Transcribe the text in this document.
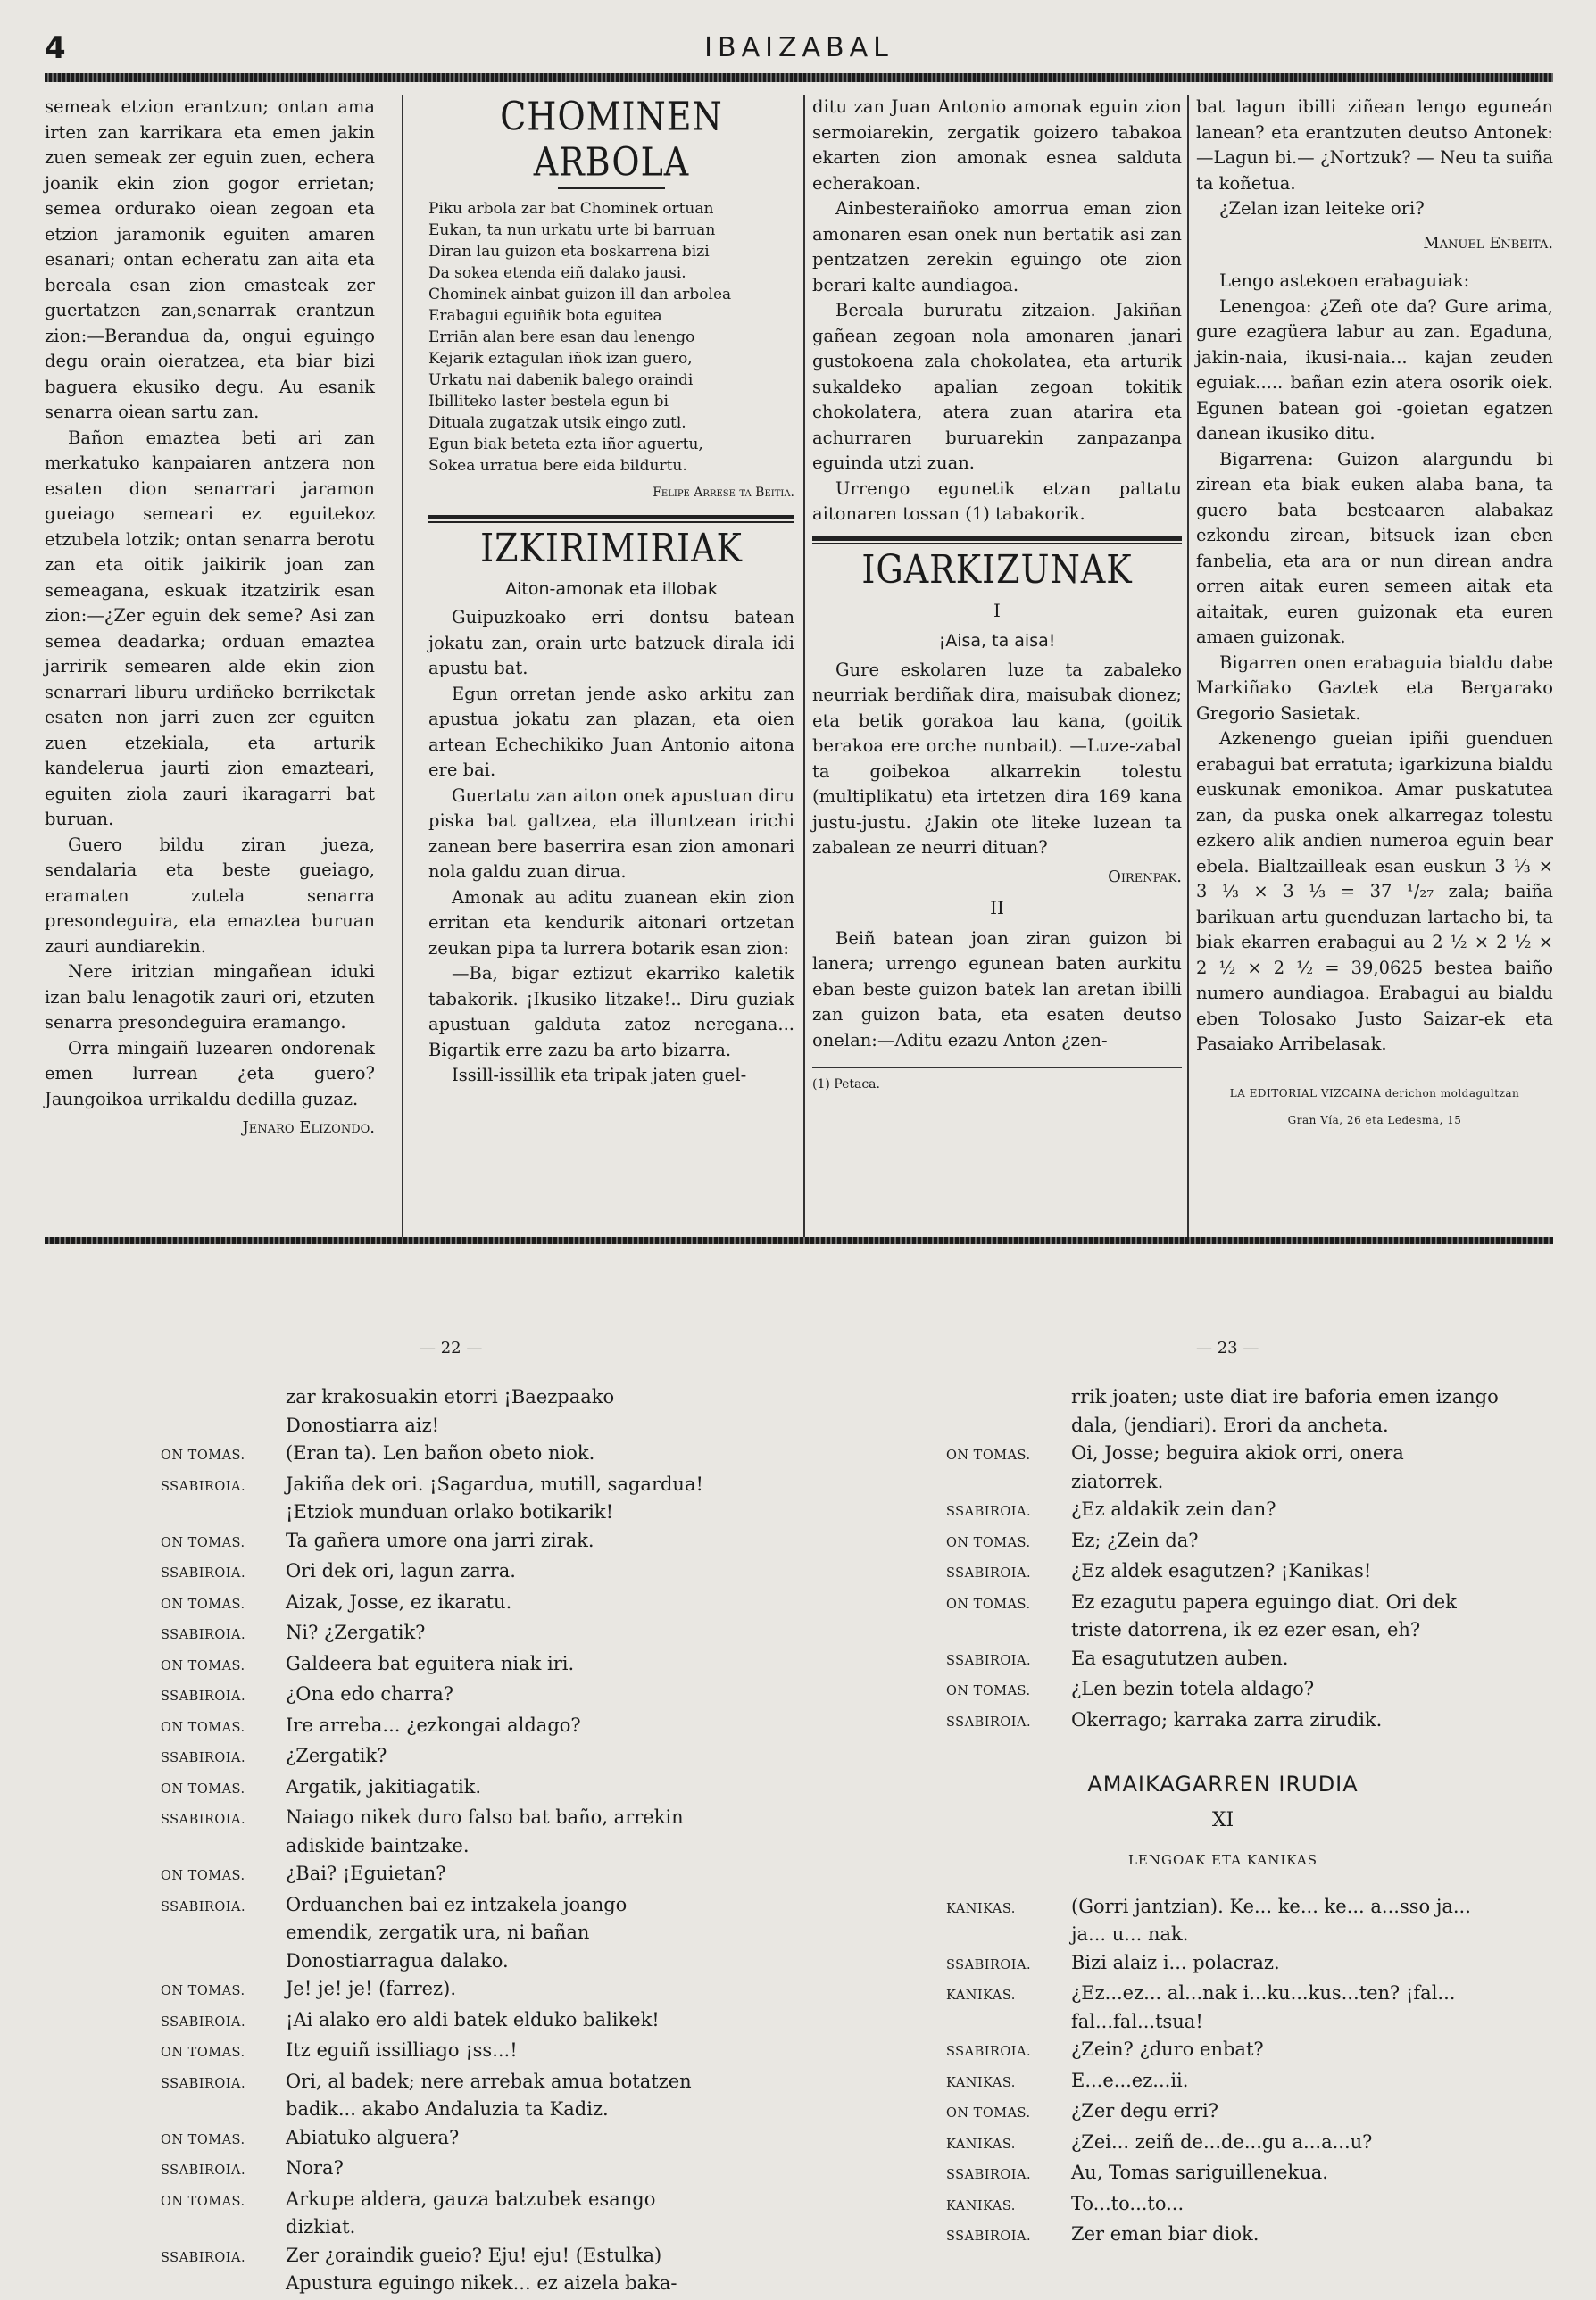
4	IBAIZABAL

semeak etzion erantzun; ontan ama irten zan karrikara eta emen jakin zuen semeak zer eguin zuen, echera joanik ekin zion gogor errietan; semea ordurako oiean zegoan eta etzion jaramonik eguiten amaren esanari; ontan echeratu zan aita eta bereala esan zion emasteak zer guertatzen zan,senarrak erantzun zion:—Berandua da, ongui eguingo degu orain oieratzea, eta biar bizi baguera ekusiko degu. Au esanik senarra oiean sartu zan.

Bañon emaztea beti ari zan merkatuko kanpaiaren antzera non esaten dion senarrari jaramon gueiago semeari ez eguitekoz etzubela lotzik; ontan senarra berotu zan eta oitik jaikirik joan zan semeagana, eskuak itzatzirik esan zion:—¿Zer eguin dek seme? Asi zan semea deadarka; orduan emaztea jarririk semearen alde ekin zion senarrari liburu urdiñeko berriketak esaten non jarri zuen zer eguiten zuen etzekiala, eta arturik kandelerua jaurti zion emazteari, eguiten ziola zauri ikaragarri bat buruan.

Guero bildu ziran jueza, sendalaria eta beste gueiago, eramaten zutela senarra presondeguira, eta emaztea buruan zauri aundiarekin.

Nere iritzian mingañean iduki izan balu lenagotik zauri ori, etzuten senarra presondeguira eramango.

Orra mingaiñ luzearen ondorenak emen lurrean ¿eta guero? Jaungoikoa urrikaldu dedilla guzaz.

Jenaro Elizondo.
CHOMINEN ARBOLA
Piku arbola zar bat Chominek ortuan
Eukan, ta nun urkatu urte bi barruan
Diran lau guizon eta boskarrena bizi
Da sokea etenda eiñ dalako jausi.
Chominek ainbat guizon ill dan arbolea
Erabagui eguiñik bota eguitea
Erriān alan bere esan dau lenengo
Kejarik eztagulan iñok izan guero,
Urkatu nai dabenik balego oraindi
Ibilliteko laster bestela egun bi
Dituala zugatzak utsik eingo zutl.
Egun biak beteta ezta iñor aguertu,
Sokea urratua bere eida bildurtu.
Felipe Arrese ta Beitia.
IZKIRIMIRIAK
Aiton-amonak eta illobak

Guipuzkoako erri dontsu batean jokatu zan, orain urte batzuek dirala idi apustu bat.

Egun orretan jende asko arkitu zan apustua jokatu zan plazan, eta oien artean Echechikiko Juan Antonio aitona ere bai.

Guertatu zan aiton onek apustuan diru piska bat galtzea, eta illuntzean irichi zanean bere baserrira esan zion amonari nola galdu zuan dirua.

Amonak au aditu zuanean ekin zion erritan eta kendurik aitonari ortzetan zeukan pipa ta lurrera botarik esan zion:

—Ba, bigar eztizut ekarriko kaletik tabakorik. ¡Ikusiko litzake!.. Diru guziak apustuan galduta zatoz neregana... Bigartik erre zazu ba arto bizarra.

Issill-issillik eta tripak jaten guel-

ditu zan Juan Antonio amonak eguin zion sermoiarekin, zergatik goizero tabakoa ekarten zion amonak esnea salduta echerakoan.

Ainbesteraiñoko amorrua eman zion amonaren esan onek nun bertatik asi zan pentzatzen zerekin eguingo ote zion berari kalte aundiagoa.

Bereala bururatu zitzaion. Jakiñan gañean zegoan nola amonaren janari gustokoena zala chokolatea, eta arturik sukaldeko apalian zegoan tokitik chokolatera, atera zuan atarira eta achurraren buruarekin zanpazanpa eguinda utzi zuan.

Urrengo egunetik etzan paltatu aitonaren tossan (1) tabakorik.

IGARKIZUNAK
I
¡Aisa, ta aisa!

Gure eskolaren luze ta zabaleko neurriak berdiñak dira, maisubak dionez; eta betik gorakoa lau kana, (goitik berakoa ere orche nunbait). —Luze-zabal ta goibekoa alkarrekin tolestu (multiplikatu) eta irtetzen dira 169 kana justu-justu. ¿Jakin ote liteke luzean ta zabalean ze neurri dituan?

Oirenpak.
II

Beiñ batean joan ziran guizon bi lanera; urrengo egunean baten aurkitu eban beste guizon batek lan aretan ibilli zan guizon bata, eta esaten deutso onelan:—Aditu ezazu Anton ¿zen-

(1) Petaca.

bat lagun ibilli ziñean lengo eguneán lanean? eta erantzuten deutso Antonek:—Lagun bi.— ¿Nortzuk? — Neu ta suiña ta koñetua.

¿Zelan izan leiteke ori?

Manuel Enbeita.

Lengo astekoen erabaguiak:

Lenengoa: ¿Zeñ ote da? Gure arima, gure ezagüera labur au zan. Egaduna, jakin-naia, ikusi-naia... kajan zeuden eguiak..... bañan ezin atera osorik oiek. Egunen batean goi -goietan egatzen danean ikusiko ditu.

Bigarrena: Guizon alargundu bi zirean eta biak euken alaba bana, ta guero bata besteaaren alabakaz ezkondu zirean, bitsuek izan eben fanbelia, eta ara or nun direan andra orren aitak euren semeen aitak eta aitaitak, euren guizonak eta euren amaen guizonak.

Bigarren onen erabaguia bialdu dabe Markiñako Gaztek eta Bergarako Gregorio Sasietak.

Azkenengo gueian ipiñi guenduen erabagui bat erratuta; igarkizuna bialdu euskunak emonikoa. Amar puskatutea zan, da puska onek alkarregaz tolestu ezkero alik andien numeroa eguin bear ebela. Bialtzailleak esan euskun 3 ⅓ × 3 ⅓ × 3 ⅓ = 37 ¹/₂₇ zala; baiña barikuan artu guenduzan lartacho bi, ta biak ekarren erabagui au 2 ½ × 2 ½ × 2 ½ × 2 ½ = 39,0625 bestea baiño numero aundiagoa. Erabagui au bialdu eben Tolosako Justo Saizar-ek eta Pasaiako Arribelasak.

LA EDITORIAL VIZCAINA derichon moldagultzan
Gran Vía, 26 eta Ledesma, 15
— 22 —	— 23 —
zar krakosuakin etorri ¡Baezpaako Donostiarra aiz!
ON TOMAS.	(Eran ta). Len bañon obeto niok.
SSABIROIA.	Jakiña dek ori. ¡Sagardua, mutill, sagardua! ¡Etziok munduan orlako botikarik!
ON TOMAS.	Ta gañera umore ona jarri zirak.
SSABIROIA.	Ori dek ori, lagun zarra.
ON TOMAS.	Aizak, Josse, ez ikaratu.
SSABIROIA.	Ni? ¿Zergatik?
ON TOMAS.	Galdeera bat eguitera niak iri.
SSABIROIA.	¿Ona edo charra?
ON TOMAS.	Ire arreba... ¿ezkongai aldago?
SSABIROIA.	¿Zergatik?
ON TOMAS.	Argatik, jakitiagatik.
SSABIROIA.	Naiago nikek duro falso bat baño, arrekin adiskide baintzake.
ON TOMAS.	¿Bai? ¡Eguietan?
SSABIROIA.	Orduanchen bai ez intzakela joango emendik, zergatik ura, ni bañan Donostiarragua dalako.
ON TOMAS.	Je! je! je! (farrez).
SSABIROIA.	¡Ai alako ero aldi batek elduko balikek!
ON TOMAS.	Itz eguiñ issilliago ¡ss...!
SSABIROIA.	Ori, al badek; nere arrebak amua botatzen badik... akabo Andaluzia ta Kadiz.
ON TOMAS.	Abiatuko alguera?
SSABIROIA.	Nora?
ON TOMAS.	Arkupe aldera, gauza batzubek esango dizkiat.
SSABIROIA.	Zer ¿oraindik gueio? Eju! eju! (Estulka) Apustura eguingo nikek... ez aizela baka-
rrik joaten; uste diat ire baforia emen izango dala, (jendiari). Erori da ancheta.
ON TOMAS.	Oi, Josse; beguira akiok orri, onera ziatorrek.
SSABIROIA.	¿Ez aldakik zein dan?
ON TOMAS.	Ez; ¿Zein da?
SSABIROIA.	¿Ez aldek esagutzen? ¡Kanikas!
ON TOMAS.	Ez ezagutu papera eguingo diat. Ori dek triste datorrena, ik ez ezer esan, eh?
SSABIROIA.	Ea esagututzen auben.
ON TOMAS.	¿Len bezin totela aldago?
SSABIROIA.	Okerrago; karraka zarra zirudik.
AMAIKAGARREN IRUDIA
XI
LENGOAK ETA KANIKAS
KANIKAS.	(Gorri jantzian). Ke... ke... ke... a...sso ja... ja... u... nak.
SSABIROIA.	Bizi alaiz i... polacraz.
KANIKAS.	¿Ez...ez... al...nak i...ku...kus...ten? ¡fal... fal...fal...tsua!
SSABIROIA.	¿Zein? ¿duro enbat?
KANIKAS.	E...e...ez...ii.
ON TOMAS.	¿Zer degu erri?
KANIKAS.	¿Zei... zeiñ de...de...gu a...a...u?
SSABIROIA.	Au, Tomas sariguillenekua.
KANIKAS.	To...to...to...
SSABIROIA.	Zer eman biar diok.
